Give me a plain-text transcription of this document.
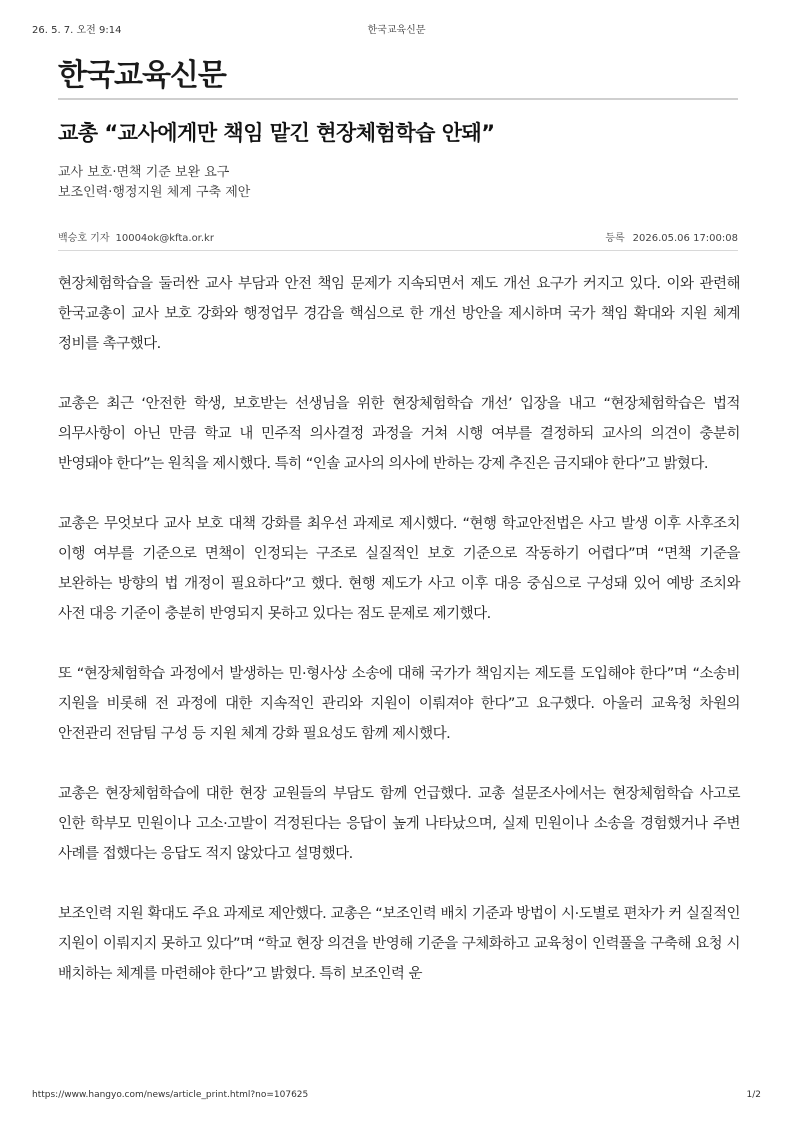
26. 5. 7. 오전 9:14	한국교육신문
한국교육신문
교총 “교사에게만 책임 맡긴 현장체험학습 안돼”
교사 보호·면책 기준 보완 요구
보조인력·행정지원 체계 구축 제안
백승호 기자 10004ok@kfta.or.kr	등록 2026.05.06 17:00:08

현장체험학습을 둘러싼 교사 부담과 안전 책임 문제가 지속되면서 제도 개선 요구가 커지고 있다. 이와 관련해 한국교총이 교사 보호 강화와 행정업무 경감을 핵심으로 한 개선 방안을 제시하며 국가 책임 확대와 지원 체계 정비를 촉구했다.

교총은 최근 ‘안전한 학생, 보호받는 선생님을 위한 현장체험학습 개선’ 입장을 내고 “현장체험학습은 법적 의무사항이 아닌 만큼 학교 내 민주적 의사결정 과정을 거쳐 시행 여부를 결정하되 교사의 의견이 충분히 반영돼야 한다”는 원칙을 제시했다. 특히 “인솔 교사의 의사에 반하는 강제 추진은 금지돼야 한다”고 밝혔다.

교총은 무엇보다 교사 보호 대책 강화를 최우선 과제로 제시했다. “현행 학교안전법은 사고 발생 이후 사후조치 이행 여부를 기준으로 면책이 인정되는 구조로 실질적인 보호 기준으로 작동하기 어렵다”며 “면책 기준을 보완하는 방향의 법 개정이 필요하다”고 했다. 현행 제도가 사고 이후 대응 중심으로 구성돼 있어 예방 조치와 사전 대응 기준이 충분히 반영되지 못하고 있다는 점도 문제로 제기했다.

또 “현장체험학습 과정에서 발생하는 민·형사상 소송에 대해 국가가 책임지는 제도를 도입해야 한다”며 “소송비 지원을 비롯해 전 과정에 대한 지속적인 관리와 지원이 이뤄져야 한다”고 요구했다. 아울러 교육청 차원의 안전관리 전담팀 구성 등 지원 체계 강화 필요성도 함께 제시했다.

교총은 현장체험학습에 대한 현장 교원들의 부담도 함께 언급했다. 교총 설문조사에서는 현장체험학습 사고로 인한 학부모 민원이나 고소·고발이 걱정된다는 응답이 높게 나타났으며, 실제 민원이나 소송을 경험했거나 주변 사례를 접했다는 응답도 적지 않았다고 설명했다.

보조인력 지원 확대도 주요 과제로 제안했다. 교총은 “보조인력 배치 기준과 방법이 시·도별로 편차가 커 실질적인 지원이 이뤄지지 못하고 있다”며 “학교 현장 의견을 반영해 기준을 구체화하고 교육청이 인력풀을 구축해 요청 시 배치하는 체계를 마련해야 한다”고 밝혔다. 특히 보조인력 운

https://www.hangyo.com/news/article_print.html?no=107625	1/2
